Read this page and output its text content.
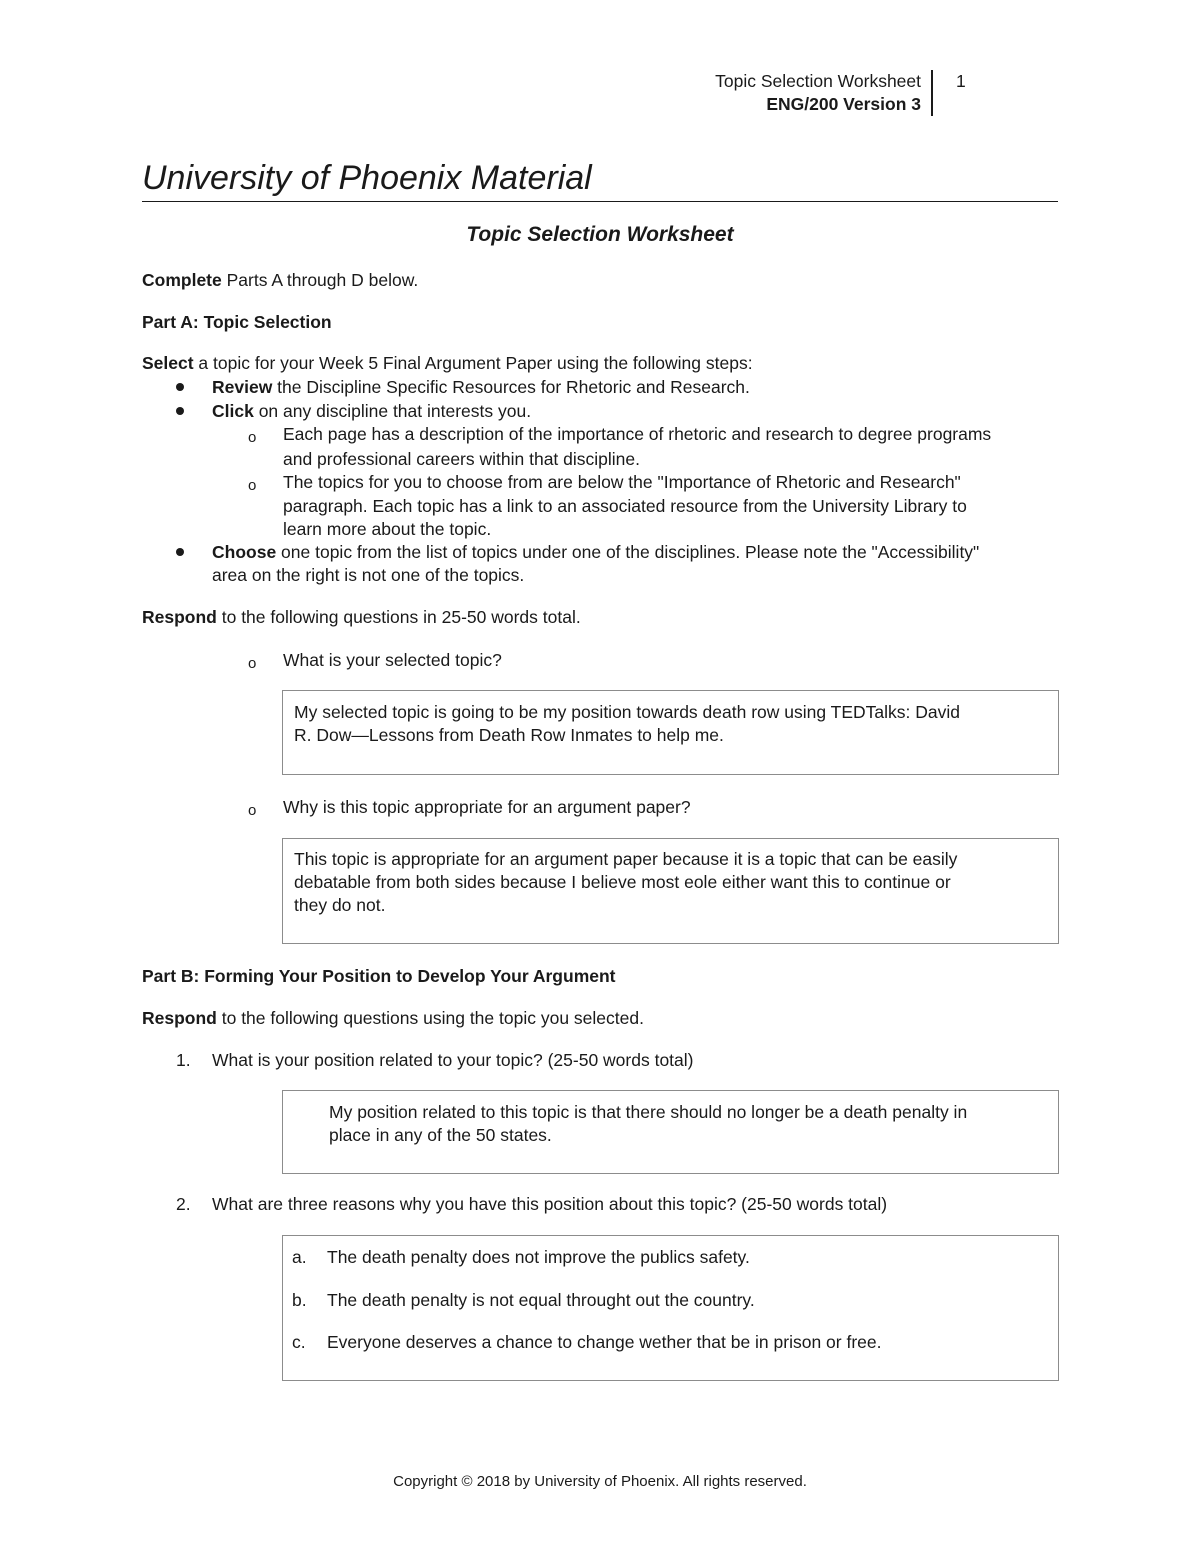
Topic Selection Worksheet
ENG/200 Version 3
1
University of Phoenix Material
Topic Selection Worksheet
Complete Parts A through D below.
Part A: Topic Selection
Select a topic for your Week 5 Final Argument Paper using the following steps:
Review the Discipline Specific Resources for Rhetoric and Research.
Click on any discipline that interests you.
o Each page has a description of the importance of rhetoric and research to degree programs
and professional careers within that discipline.
o The topics for you to choose from are below the "Importance of Rhetoric and Research"
paragraph. Each topic has a link to an associated resource from the University Library to
learn more about the topic.
Choose one topic from the list of topics under one of the disciplines. Please note the "Accessibility"
area on the right is not one of the topics.
Respond to the following questions in 25-50 words total.
o What is your selected topic?
My selected topic is going to be my position towards death row using TEDTalks: David
R. Dow—Lessons from Death Row Inmates to help me.
o Why is this topic appropriate for an argument paper?
This topic is appropriate for an argument paper because it is a topic that can be easily
debatable from both sides because I believe most eole either want this to continue or
they do not.
Part B: Forming Your Position to Develop Your Argument
Respond to the following questions using the topic you selected.
1. What is your position related to your topic? (25-50 words total)
My position related to this topic is that there should no longer be a death penalty in
place in any of the 50 states.
2. What are three reasons why you have this position about this topic? (25-50 words total)
a. The death penalty does not improve the publics safety.
b. The death penalty is not equal throught out the country.
c. Everyone deserves a chance to change wether that be in prison or free.
Copyright © 2018 by University of Phoenix. All rights reserved.
